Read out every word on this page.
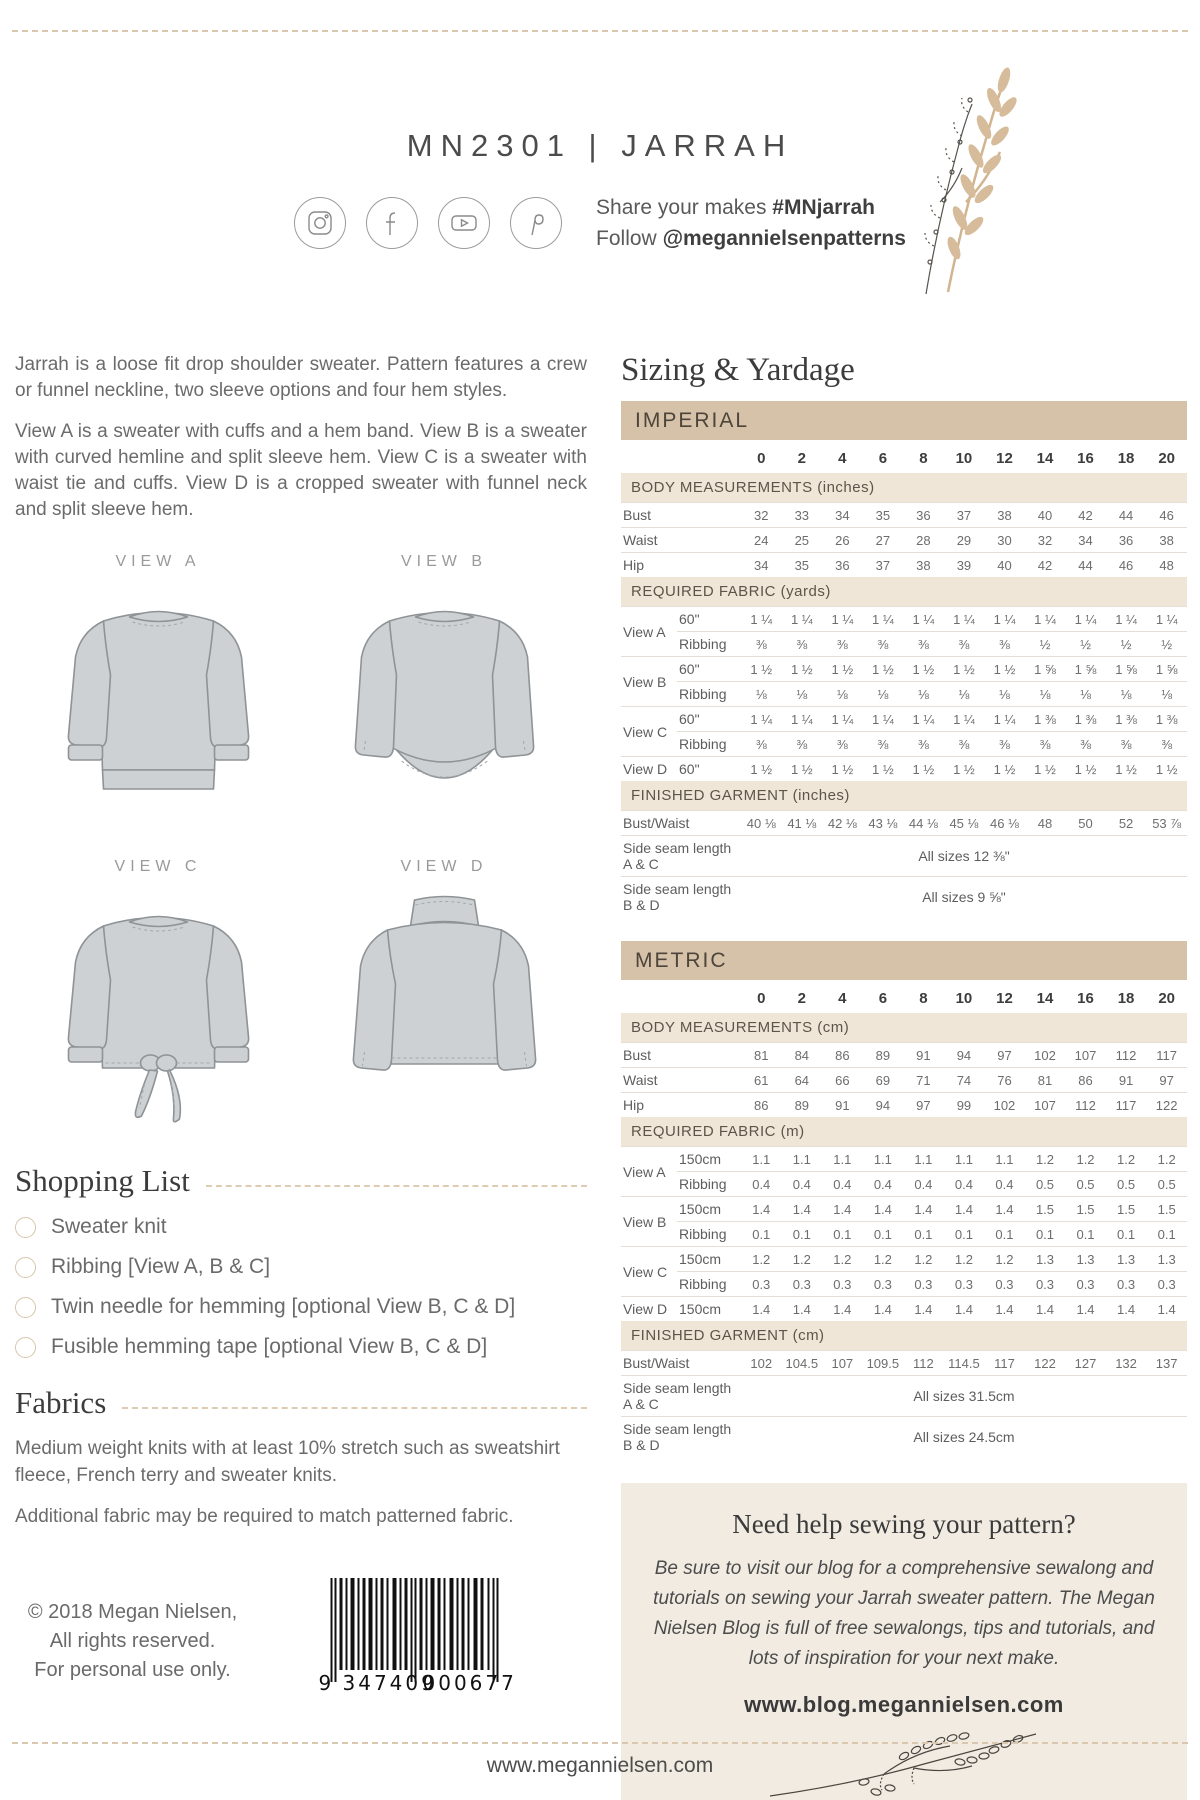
MN2301 | JARRAH
Share your makes #MNjarrah
Follow @megannielsenpatterns

Jarrah is a loose fit drop shoulder sweater. Pattern features a crew or funnel neckline, two sleeve options and four hem styles.

View A is a sweater with cuffs and a hem band. View B is a sweater with curved hemline and split sleeve hem. View C is a sweater with waist tie and cuffs. View D is a cropped sweater with funnel neck and split sleeve hem.

VIEW A	VIEW B
VIEW C	VIEW D
Shopping List
Sweater knit
Ribbing [View A, B & C]
Twin needle for hemming [optional View B, C & D]
Fusible hemming tape [optional View B, C & D]
Fabrics

Medium weight knits with at least 10% stretch such as sweatshirt fleece, French terry and sweater knits.

Additional fabric may be required to match patterned fabric.

© 2018 Megan Nielsen,
All rights reserved.
For personal use only.
9 347409
000677
Sizing & Yardage
IMPERIAL
		0	2	4	6	8	10	12	14	16	18	20
BODY MEASUREMENTS (inches)												
Bust		32	33	34	35	36	37	38	40	42	44	46
Waist		24	25	26	27	28	29	30	32	34	36	38
Hip		34	35	36	37	38	39	40	42	44	46	48
REQUIRED FABRIC (yards)												
View A	60"	1 ¼	1 ¼	1 ¼	1 ¼	1 ¼	1 ¼	1 ¼	1 ¼	1 ¼	1 ¼	1 ¼
	Ribbing	⅜	⅜	⅜	⅜	⅜	⅜	⅜	½	½	½	½
View B	60"	1 ½	1 ½	1 ½	1 ½	1 ½	1 ½	1 ½	1 ⅝	1 ⅝	1 ⅝	1 ⅝
	Ribbing	⅛	⅛	⅛	⅛	⅛	⅛	⅛	⅛	⅛	⅛	⅛
View C	60"	1 ¼	1 ¼	1 ¼	1 ¼	1 ¼	1 ¼	1 ¼	1 ⅜	1 ⅜	1 ⅜	1 ⅜
	Ribbing	⅜	⅜	⅜	⅜	⅜	⅜	⅜	⅜	⅜	⅜	⅜
View D	60"	1 ½	1 ½	1 ½	1 ½	1 ½	1 ½	1 ½	1 ½	1 ½	1 ½	1 ½
FINISHED GARMENT (inches)												
Bust/Waist		40 ⅛	41 ⅛	42 ⅛	43 ⅛	44 ⅛	45 ⅛	46 ⅛	48	50	52	53 ⅞
Side seam length A & C		All sizes 12 ⅜"										
Side seam length B & D		All sizes 9 ⅝"										
METRIC
		0	2	4	6	8	10	12	14	16	18	20
BODY MEASUREMENTS (cm)												
Bust		81	84	86	89	91	94	97	102	107	112	117
Waist		61	64	66	69	71	74	76	81	86	91	97
Hip		86	89	91	94	97	99	102	107	112	117	122
REQUIRED FABRIC (m)												
View A	150cm	1.1	1.1	1.1	1.1	1.1	1.1	1.1	1.2	1.2	1.2	1.2
	Ribbing	0.4	0.4	0.4	0.4	0.4	0.4	0.4	0.5	0.5	0.5	0.5
View B	150cm	1.4	1.4	1.4	1.4	1.4	1.4	1.4	1.5	1.5	1.5	1.5
	Ribbing	0.1	0.1	0.1	0.1	0.1	0.1	0.1	0.1	0.1	0.1	0.1
View C	150cm	1.2	1.2	1.2	1.2	1.2	1.2	1.2	1.3	1.3	1.3	1.3
	Ribbing	0.3	0.3	0.3	0.3	0.3	0.3	0.3	0.3	0.3	0.3	0.3
View D	150cm	1.4	1.4	1.4	1.4	1.4	1.4	1.4	1.4	1.4	1.4	1.4
FINISHED GARMENT (cm)												
Bust/Waist		102	104.5	107	109.5	112	114.5	117	122	127	132	137
Side seam length A & C		All sizes 31.5cm										
Side seam length B & D		All sizes 24.5cm										
Need help sewing your pattern?

Be sure to visit our blog for a comprehensive sewalong and tutorials on sewing your Jarrah sweater pattern. The Megan Nielsen Blog is full of free sewalongs, tips and tutorials, and lots of inspiration for your next make.

www.blog.megannielsen.com
www.megannielsen.com
